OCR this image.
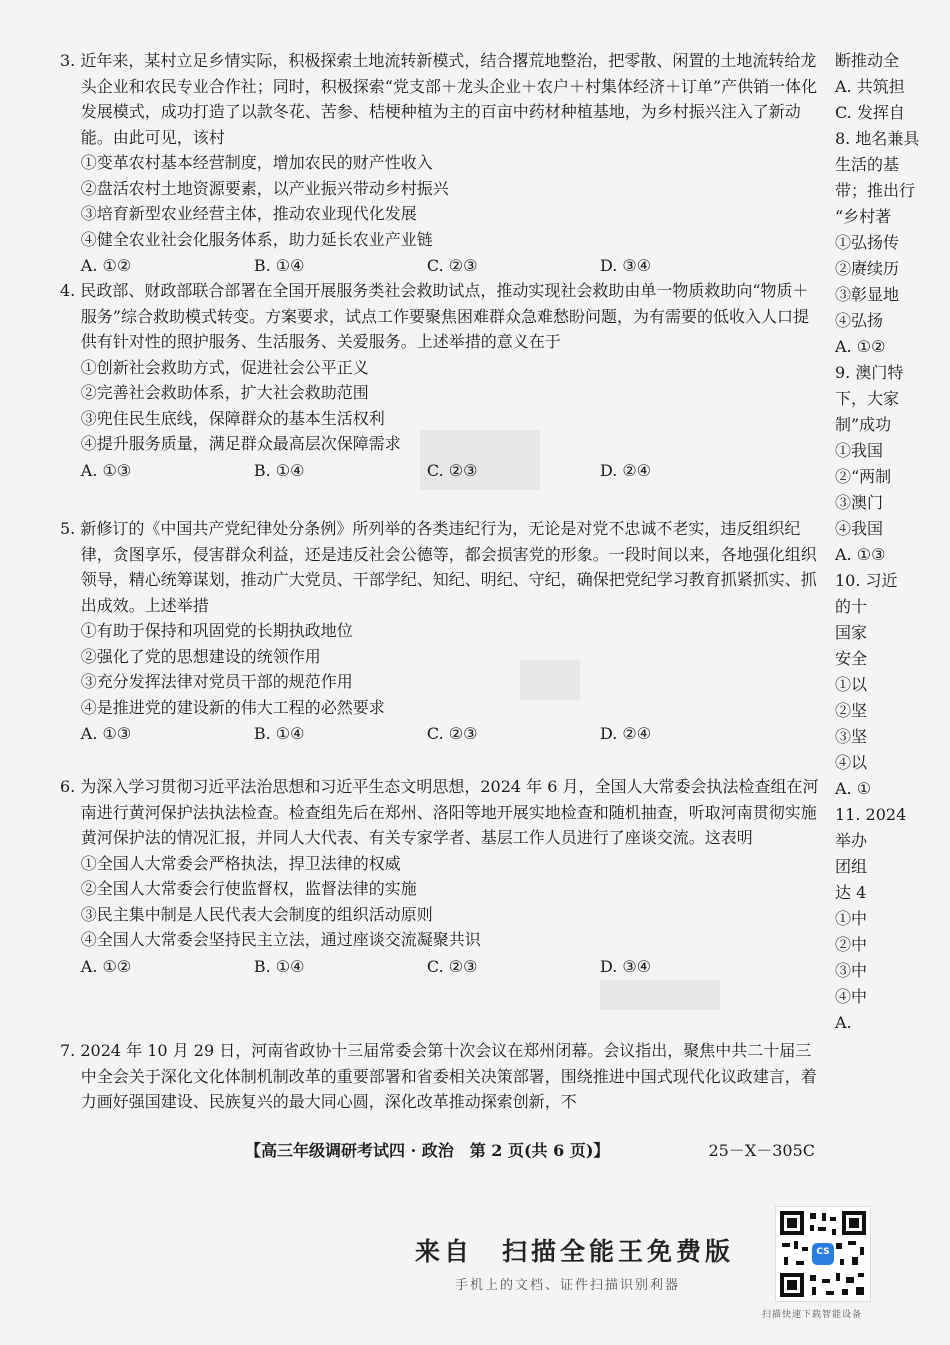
3. 近年来，某村立足乡情实际，积极探索土地流转新模式，结合撂荒地整治，把零散、闲置的土地流转给龙头企业和农民专业合作社；同时，积极探索“党支部＋龙头企业＋农户＋村集体经济＋订单”产供销一体化发展模式，成功打造了以款冬花、苦参、桔梗种植为主的百亩中药材种植基地，为乡村振兴注入了新动能。由此可见，该村

①变革农村基本经营制度，增加农民的财产性收入

②盘活农村土地资源要素，以产业振兴带动乡村振兴

③培育新型农业经营主体，推动农业现代化发展

④健全农业社会化服务体系，助力延长农业产业链

A. ①②	B. ①④	C. ②③	D. ③④

4. 民政部、财政部联合部署在全国开展服务类社会救助试点，推动实现社会救助由单一物质救助向“物质＋服务”综合救助模式转变。方案要求，试点工作要聚焦困难群众急难愁盼问题，为有需要的低收入人口提供有针对性的照护服务、生活服务、关爱服务。上述举措的意义在于

①创新社会救助方式，促进社会公平正义

②完善社会救助体系，扩大社会救助范围

③兜住民生底线，保障群众的基本生活权利

④提升服务质量，满足群众最高层次保障需求

A. ①③	B. ①④	C. ②③	D. ②④

5. 新修订的《中国共产党纪律处分条例》所列举的各类违纪行为，无论是对党不忠诚不老实，违反组织纪律，贪图享乐，侵害群众利益，还是违反社会公德等，都会损害党的形象。一段时间以来，各地强化组织领导，精心统筹谋划，推动广大党员、干部学纪、知纪、明纪、守纪，确保把党纪学习教育抓紧抓实、抓出成效。上述举措

①有助于保持和巩固党的长期执政地位

②强化了党的思想建设的统领作用

③充分发挥法律对党员干部的规范作用

④是推进党的建设新的伟大工程的必然要求

A. ①③	B. ①④	C. ②③	D. ②④

6. 为深入学习贯彻习近平法治思想和习近平生态文明思想，2024 年 6 月，全国人大常委会执法检查组在河南进行黄河保护法执法检查。检查组先后在郑州、洛阳等地开展实地检查和随机抽查，听取河南贯彻实施黄河保护法的情况汇报，并同人大代表、有关专家学者、基层工作人员进行了座谈交流。这表明

①全国人大常委会严格执法，捍卫法律的权威

②全国人大常委会行使监督权，监督法律的实施

③民主集中制是人民代表大会制度的组织活动原则

④全国人大常委会坚持民主立法，通过座谈交流凝聚共识

A. ①②	B. ①④	C. ②③	D. ③④

7. 2024 年 10 月 29 日，河南省政协十三届常委会第十次会议在郑州闭幕。会议指出，聚焦中共二十届三中全会关于深化文化体制机制改革的重要部署和省委相关决策部署，围绕推进中国式现代化议政建言，着力画好强国建设、民族复兴的最大同心圆，深化改革推动探索创新，不

【高三年级调研考试四 · 政治　第 2 页(共 6 页)】	25－X－305C
断推动全
A. 共筑担
C. 发挥自
8. 地名兼具
生活的基
带；推出行
“乡村著
①弘扬传
②赓续历
③彰显地
④弘扬
A. ①②
9. 澳门特
下，大家
制”成功
①我国
②“两制
③澳门
④我国
A. ①③
10. 习近
的十
国家
安全
①以
②坚
③坚
④以
A. ①
11. 2024
举办
团组
达 4
①中
②中
③中
④中
A.
来自　扫描全能王免费版
手机上的文档、证件扫描识别利器
CS
扫描快速下载智能设备
